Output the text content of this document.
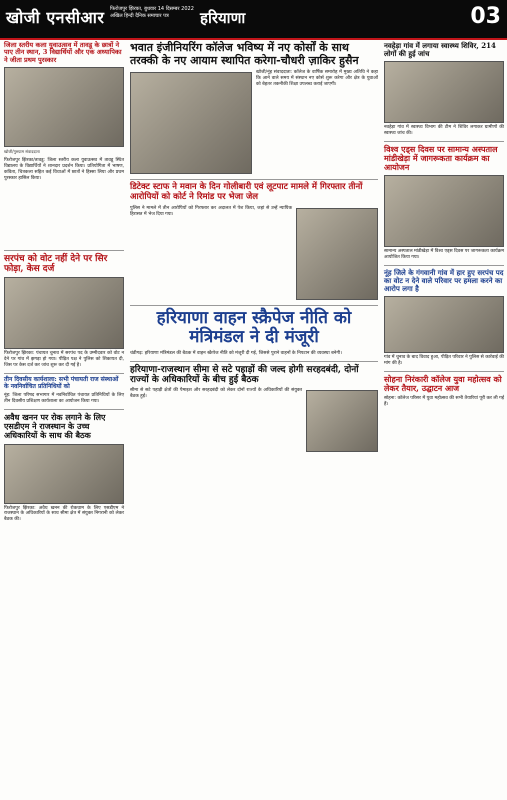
खोजी एनसीआर फिरोजपुर झिरका, बुधवार 14 दिसम्बर 2022
अखिल हिन्दी दैनिक समाचार पत्र	हरियाणा	03

जिला स्तरीय कला युवाउत्सव में तावडू के छात्रों ने पाए तीन स्थान, 3 विद्यार्थियों और एक अध्यापिका ने जीता प्रथम पुरस्कार

खोजी/गुरुग्राम संवाददाता

फिरोजपुर झिरका/तावडू: जिला स्तरीय कला युवाउत्सव में तावडू स्थित विद्यालय के विद्यार्थियों ने शानदार प्रदर्शन किया। प्रतियोगिता में भाषण, कविता, चित्रकला सहित कई विधाओं में छात्रों ने हिस्सा लिया और प्रथम पुरस्कार हासिल किया।

सरपंच को वोट नहीं देने पर सिर फोड़ा, केस दर्ज

फिरोजपुर झिरका: पंचायत चुनाव में सरपंच पद के उम्मीदवार को वोट न देने पर गांव में झगड़ा हो गया। पीड़ित पक्ष ने पुलिस को शिकायत दी, जिस पर केस दर्ज कर जांच शुरू कर दी गई है।

तीन दिवसीय कार्यशाला: सभी पंचायती राज संस्थाओं के नवनिर्वाचित प्रतिनिधियों को

नूंह: जिला परिषद सभागार में नवनिर्वाचित पंचायत प्रतिनिधियों के लिए तीन दिवसीय प्रशिक्षण कार्यशाला का आयोजन किया गया।

अवैध खनन पर रोक लगाने के लिए एसडीएम ने राजस्थान के उच्च अधिकारियों के साथ की बैठक

फिरोजपुर झिरका: अवैध खनन की रोकथाम के लिए एसडीएम ने राजस्थान के अधिकारियों के साथ सीमा क्षेत्र में संयुक्त निगरानी को लेकर बैठक की।

भवात इंजीनियरिंग कॉलेज भविष्य में नए कोर्सों के साथ तरक्की के नए आयाम स्थापित करेगा-चौधरी ज़ाकिर हुसैन

खोजी/नूंह संवाददाता: कॉलेज के वार्षिक समारोह में मुख्य अतिथि ने कहा कि आने वाले समय में संस्थान नए कोर्स शुरू करेगा और क्षेत्र के युवाओं को बेहतर तकनीकी शिक्षा उपलब्ध कराई जाएगी।

डिटेक्ट स्टाफ ने मवान के दिन गोलीबारी एवं लूटपाट मामले में गिरफ्तार तीनों आरोपियों को कोर्ट ने रिमांड पर भेजा जेल

पुलिस ने मामले में तीन आरोपियों को गिरफ्तार कर अदालत में पेश किया, जहां से उन्हें न्यायिक हिरासत में भेज दिया गया।

हरियाणा वाहन स्क्रैपेज नीति को मंत्रिमंडल ने दी मंजूरी

चंडीगढ़: हरियाणा मंत्रिमंडल की बैठक में वाहन स्क्रैपेज नीति को मंजूरी दी गई, जिससे पुराने वाहनों के निपटान की व्यवस्था बनेगी।

हरियाणा-राजस्थान सीमा से सटे पहाड़ों की जल्द होगी सरहदबंदी, दोनों राज्यों के अधिकारियों के बीच हुई बैठक

सीमा से सटे पहाड़ी क्षेत्रों की पैमाइश और सरहदबंदी को लेकर दोनों राज्यों के अधिकारियों की संयुक्त बैठक हुई।

नवहेड़ा गांव में लगाया स्वास्थ्य शिविर, 214 लोगों की हुई जांच

नवहेड़ा गांव में स्वास्थ्य विभाग की टीम ने शिविर लगाकर ग्रामीणों की स्वास्थ्य जांच की।

विश्व एड्स दिवस पर सामान्य अस्पताल मांडीखेड़ा में जागरूकता कार्यक्रम का आयोजन

सामान्य अस्पताल मांडीखेड़ा में विश्व एड्स दिवस पर जागरूकता कार्यक्रम आयोजित किया गया।

नूंह जिले के गंगवानी गांव में हार हुए सरपंच पद का वोट न देने वाले परिवार पर हमला करने का आरोप लगा है

गांव में चुनाव के बाद विवाद हुआ, पीड़ित परिवार ने पुलिस से कार्रवाई की मांग की है।

सोहना निरंकारी कॉलेज युवा महोत्सव को लेकर तैयार, उद्घाटन आज

सोहना: कॉलेज परिसर में युवा महोत्सव की सभी तैयारियां पूरी कर ली गई हैं।
